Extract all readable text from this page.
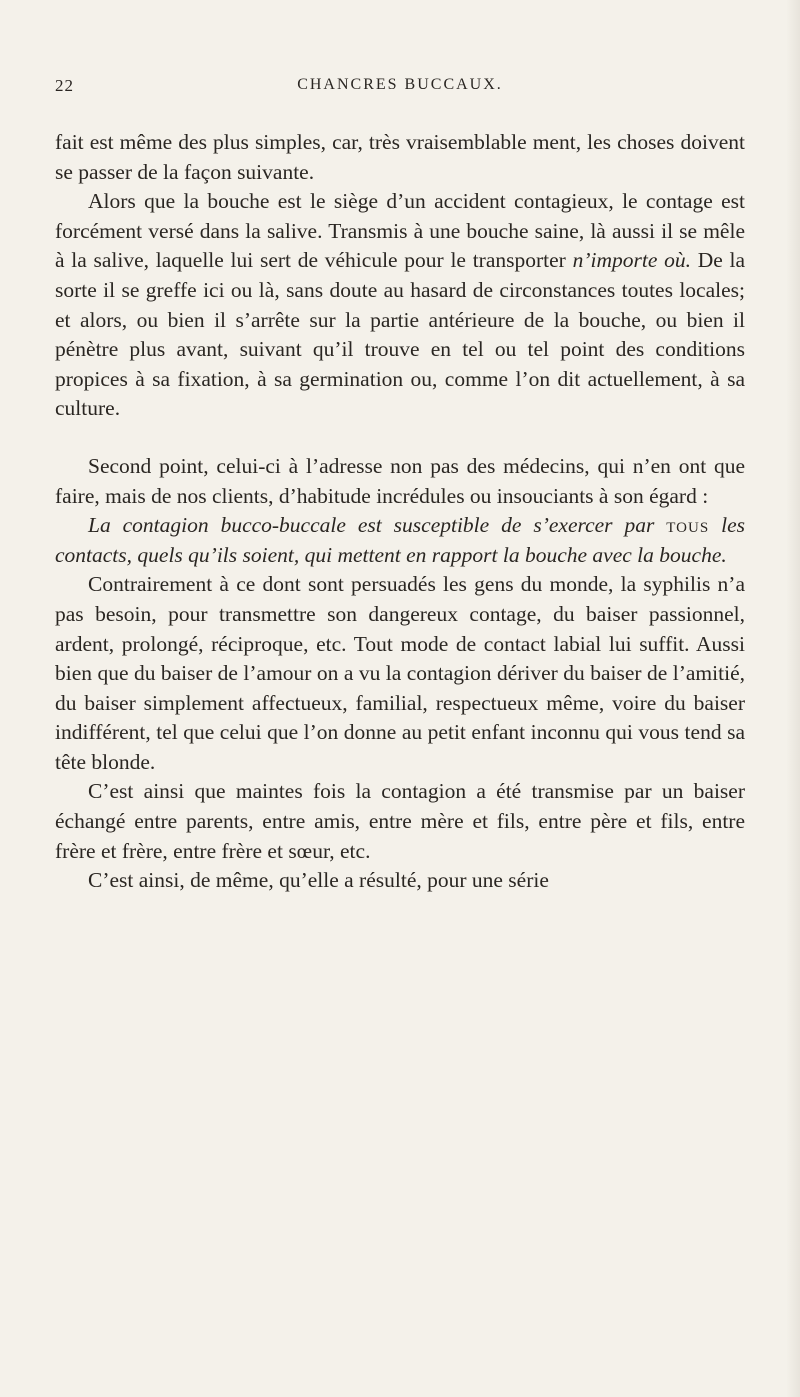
22	CHANCRES BUCCAUX.

fait est même des plus simples, car, très vraisemblable ment, les choses doivent se passer de la façon suivante.

Alors que la bouche est le siège d’un accident contagieux, le contage est forcément versé dans la salive. Transmis à une bouche saine, là aussi il se mêle à la salive, laquelle lui sert de véhicule pour le transporter n’importe où. De la sorte il se greffe ici ou là, sans doute au hasard de circonstances toutes locales; et alors, ou bien il s’arrête sur la partie antérieure de la bouche, ou bien il pénètre plus avant, suivant qu’il trouve en tel ou tel point des conditions propices à sa fixation, à sa germination ou, comme l’on dit actuellement, à sa culture.

Second point, celui-ci à l’adresse non pas des médecins, qui n’en ont que faire, mais de nos clients, d’habitude incrédules ou insouciants à son égard :

La contagion bucco-buccale est susceptible de s’exercer par tous les contacts, quels qu’ils soient, qui mettent en rapport la bouche avec la bouche.

Contrairement à ce dont sont persuadés les gens du monde, la syphilis n’a pas besoin, pour transmettre son dangereux contage, du baiser passionnel, ardent, prolongé, réciproque, etc. Tout mode de contact labial lui suffit. Aussi bien que du baiser de l’amour on a vu la contagion dériver du baiser de l’amitié, du baiser simplement affectueux, familial, respectueux même, voire du baiser indifférent, tel que celui que l’on donne au petit enfant inconnu qui vous tend sa tête blonde.

C’est ainsi que maintes fois la contagion a été transmise par un baiser échangé entre parents, entre amis, entre mère et fils, entre père et fils, entre frère et frère, entre frère et sœur, etc.

C’est ainsi, de même, qu’elle a résulté, pour une série
